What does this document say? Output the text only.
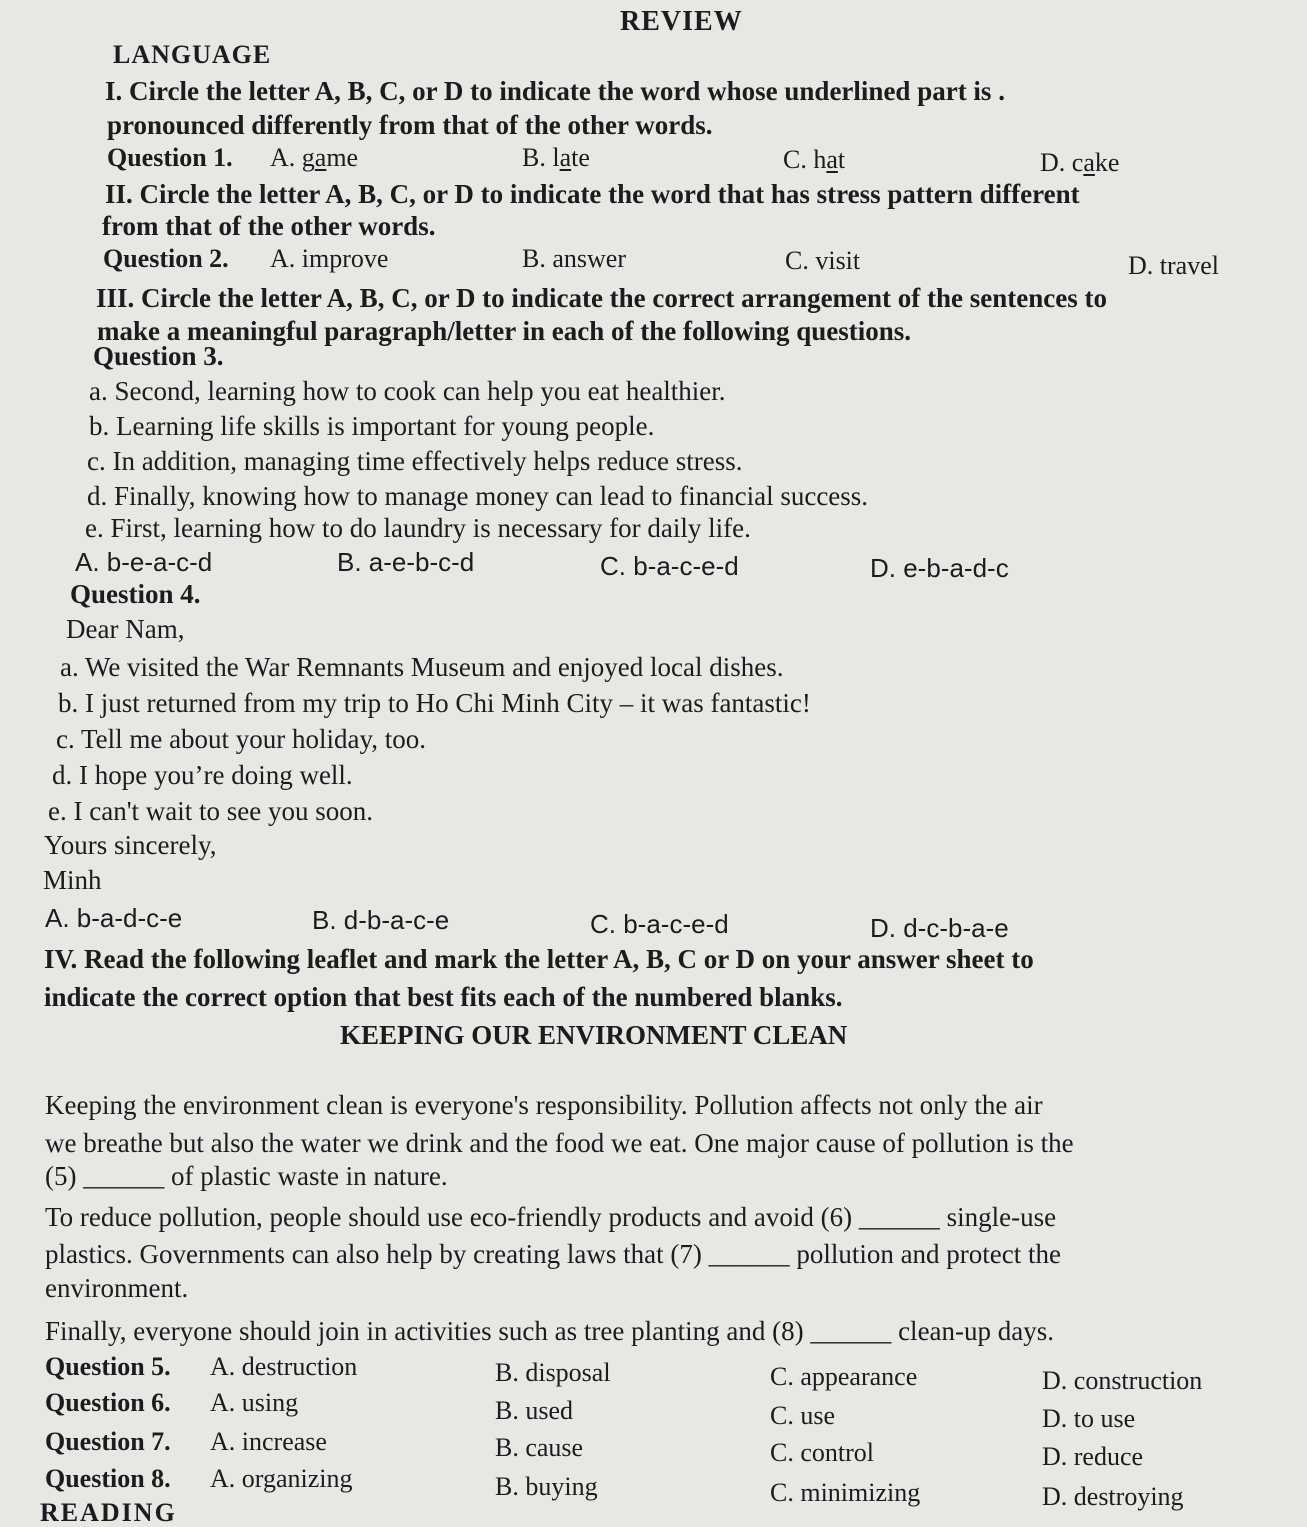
REVIEW
LANGUAGE
I. Circle the letter A, B, C, or D to indicate the word whose underlined part is .
pronounced differently from that of the other words.
Question 1. A. game	B. late	C. hat	D. cake
II. Circle the letter A, B, C, or D to indicate the word that has stress pattern different
from that of the other words.
Question 2. A. improve	B. answer	C. visit	D. travel
III. Circle the letter A, B, C, or D to indicate the correct arrangement of the sentences to
make a meaningful paragraph/letter in each of the following questions.
Question 3.
a. Second, learning how to cook can help you eat healthier.
b. Learning life skills is important for young people.
c. In addition, managing time effectively helps reduce stress.
d. Finally, knowing how to manage money can lead to financial success.
e. First, learning how to do laundry is necessary for daily life.
A. b-e-a-c-d	B. a-e-b-c-d	C. b-a-c-e-d	D. e-b-a-d-c
Question 4.
Dear Nam,
a. We visited the War Remnants Museum and enjoyed local dishes.
b. I just returned from my trip to Ho Chi Minh City – it was fantastic!
c. Tell me about your holiday, too.
d. I hope you’re doing well.
e. I can't wait to see you soon.
Yours sincerely,
Minh
A. b-a-d-c-e	B. d-b-a-c-e	C. b-a-c-e-d	D. d-c-b-a-e
IV. Read the following leaflet and mark the letter A, B, C or D on your answer sheet to
indicate the correct option that best fits each of the numbered blanks.
KEEPING OUR ENVIRONMENT CLEAN
Keeping the environment clean is everyone's responsibility. Pollution affects not only the air
we breathe but also the water we drink and the food we eat. One major cause of pollution is the
(5) ______ of plastic waste in nature.
To reduce pollution, people should use eco-friendly products and avoid (6) ______ single-use
plastics. Governments can also help by creating laws that (7) ______ pollution and protect the
environment.
Finally, everyone should join in activities such as tree planting and (8) ______ clean-up days.
Question 5. A. destruction	B. disposal	C. appearance	D. construction
Question 6. A. using	B. used	C. use	D. to use
Question 7. A. increase	B. cause	C. control	D. reduce
Question 8. A. organizing	B. buying	C. minimizing	D. destroying
READING
